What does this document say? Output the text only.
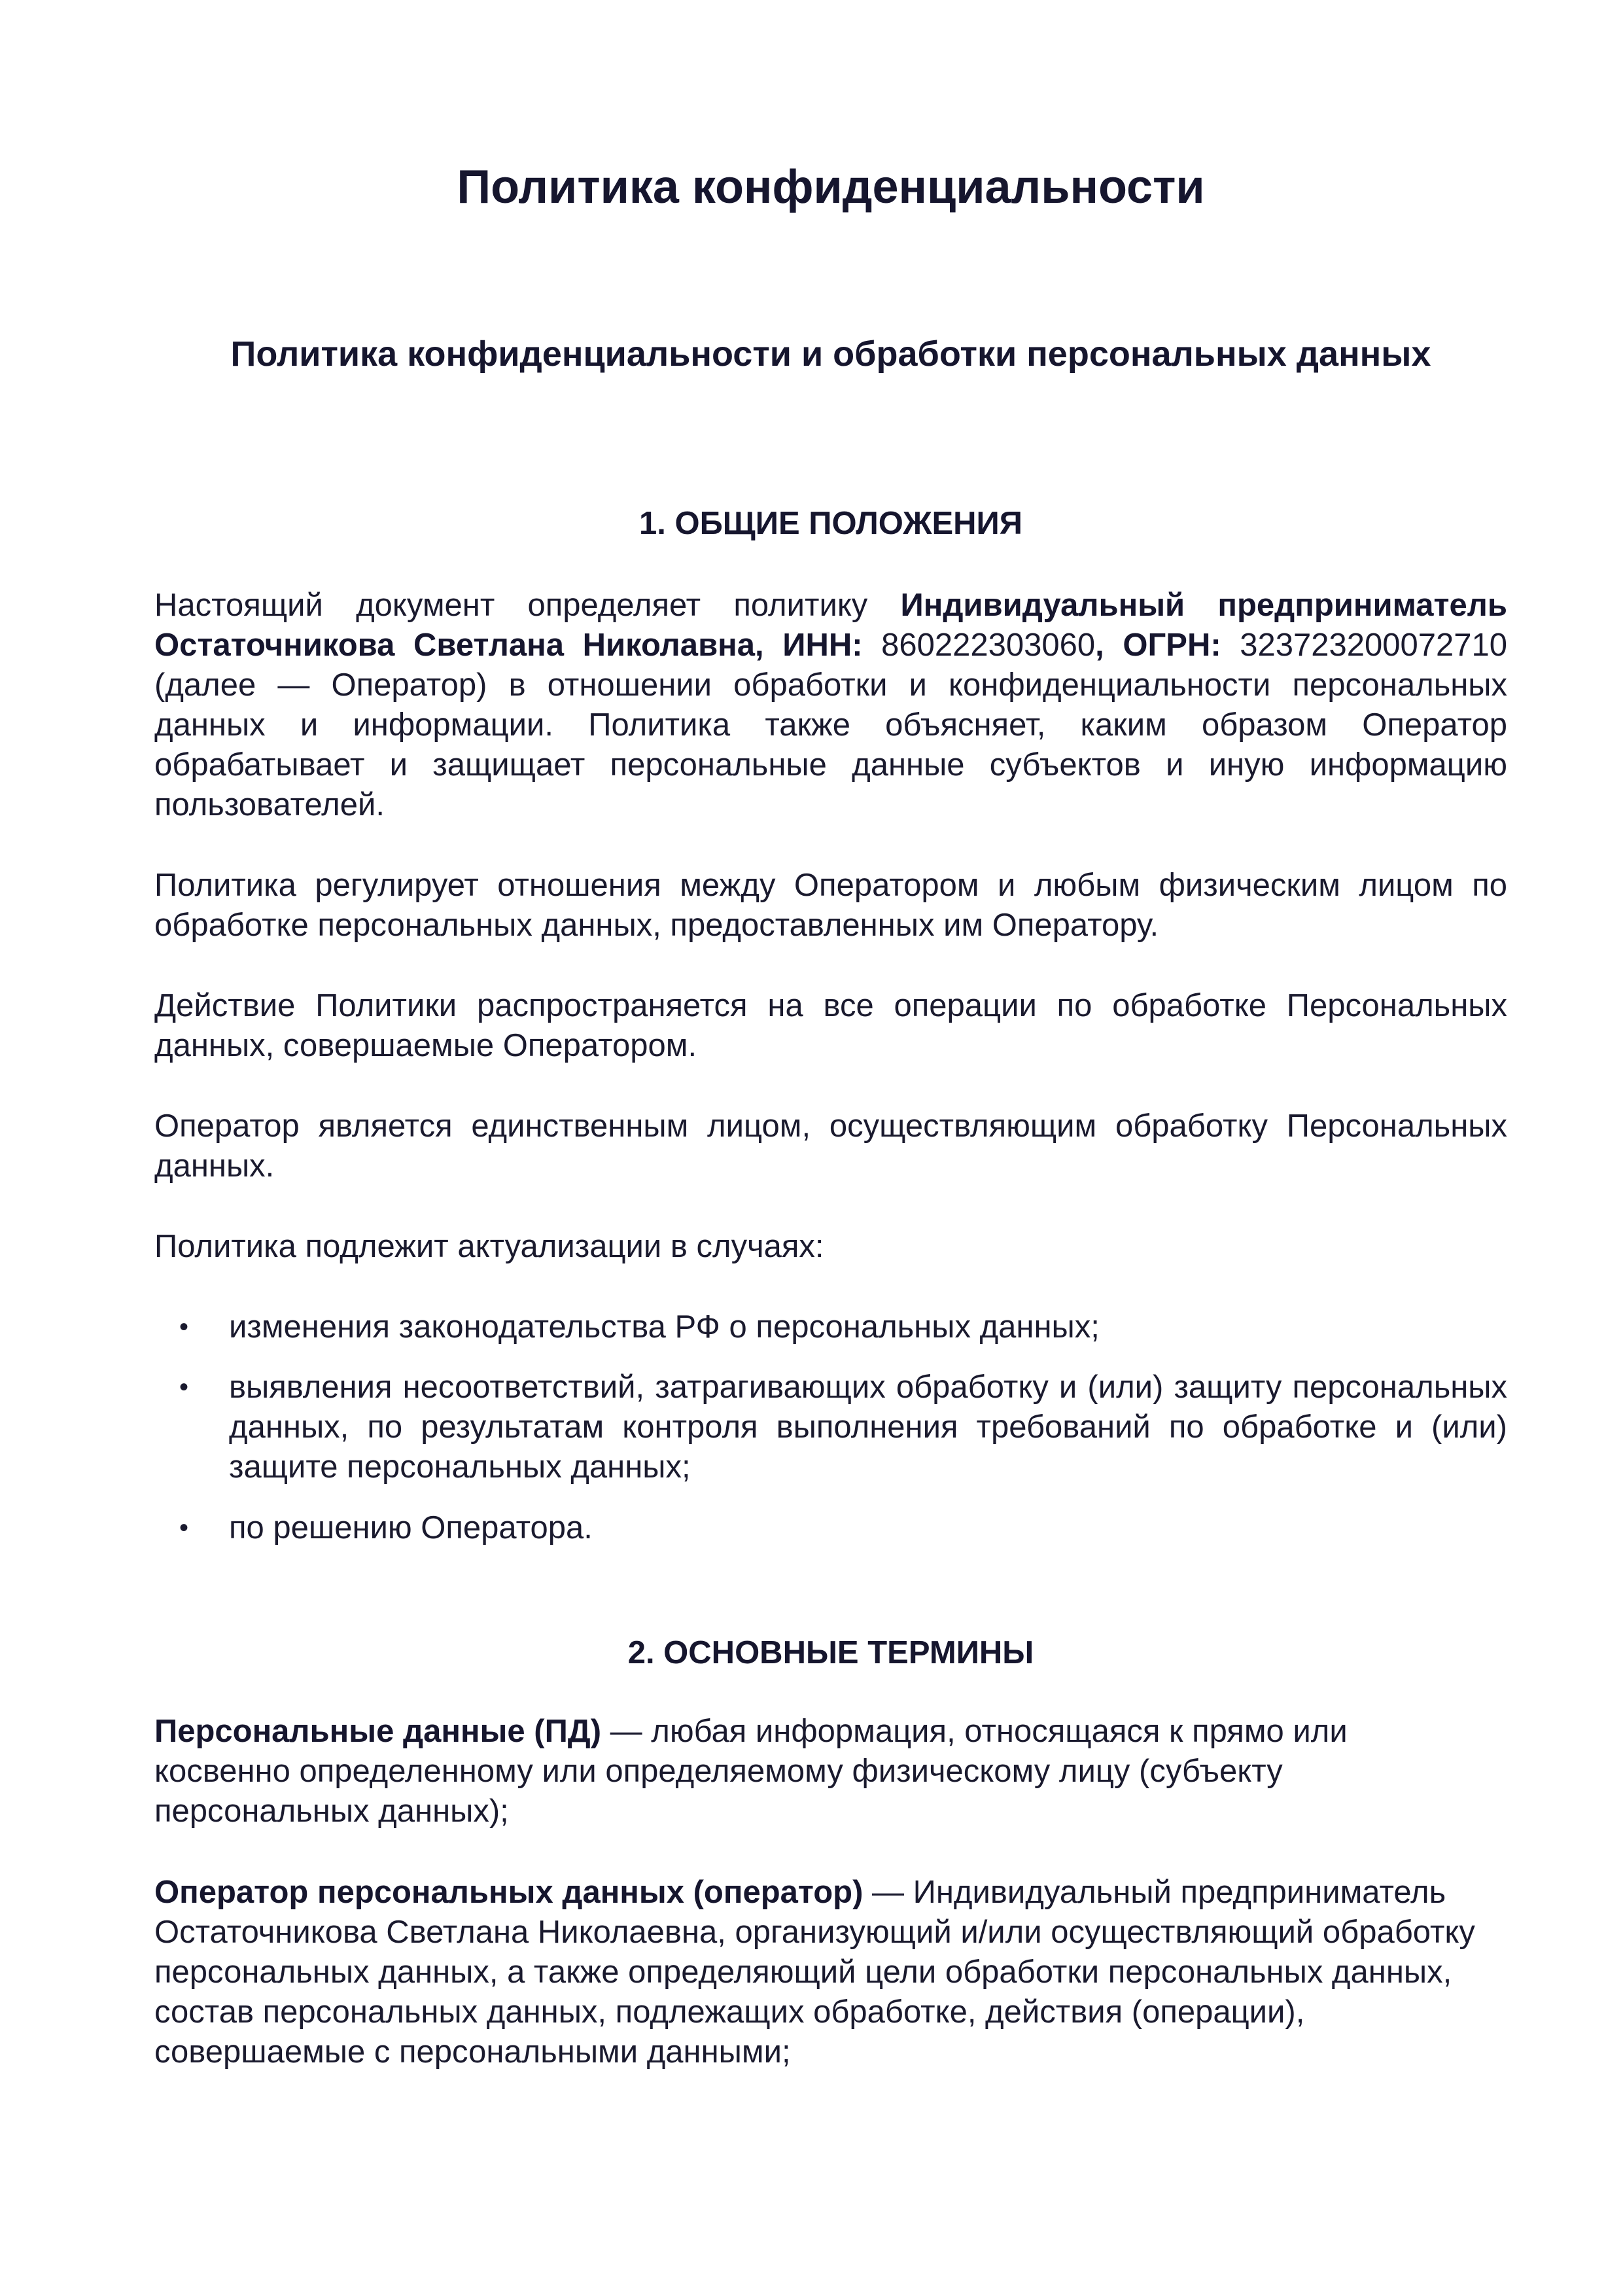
Политика конфиденциальности
Политика конфиденциальности и обработки персональных данных
1. ОБЩИЕ ПОЛОЖЕНИЯ

Настоящий документ определяет политику Индивидуальный предприниматель Остаточникова Светлана Николавна, ИНН: 860222303060, ОГРН: 323723200072710 (далее — Оператор) в отношении обработки и конфиденциальности персональных данных и информации. Политика также объясняет, каким образом Оператор обрабатывает и защищает персональные данные субъектов и иную информацию пользователей.

Политика регулирует отношения между Оператором и любым физическим лицом по обработке персональных данных, предоставленных им Оператору.

Действие Политики распространяется на все операции по обработке Персональных данных, совершаемые Оператором.

Оператор является единственным лицом, осуществляющим обработку Персональных данных.

Политика подлежит актуализации в случаях:

• изменения законодательства РФ о персональных данных;
• выявления несоответствий, затрагивающих обработку и (или) защиту персональных данных, по результатам контроля выполнения требований по обработке и (или) защите персональных данных;
• по решению Оператора.
2. ОСНОВНЫЕ ТЕРМИНЫ

Персональные данные (ПД) — любая информация, относящаяся к прямо или косвенно определенному или определяемому физическому лицу (субъекту персональных данных);

Оператор персональных данных (оператор) — Индивидуальный предприниматель Остаточникова Светлана Николаевна, организующий и/или осуществляющий обработку персональных данных, а также определяющий цели обработки персональных данных, состав персональных данных, подлежащих обработке, действия (операции), совершаемые с персональными данными;
